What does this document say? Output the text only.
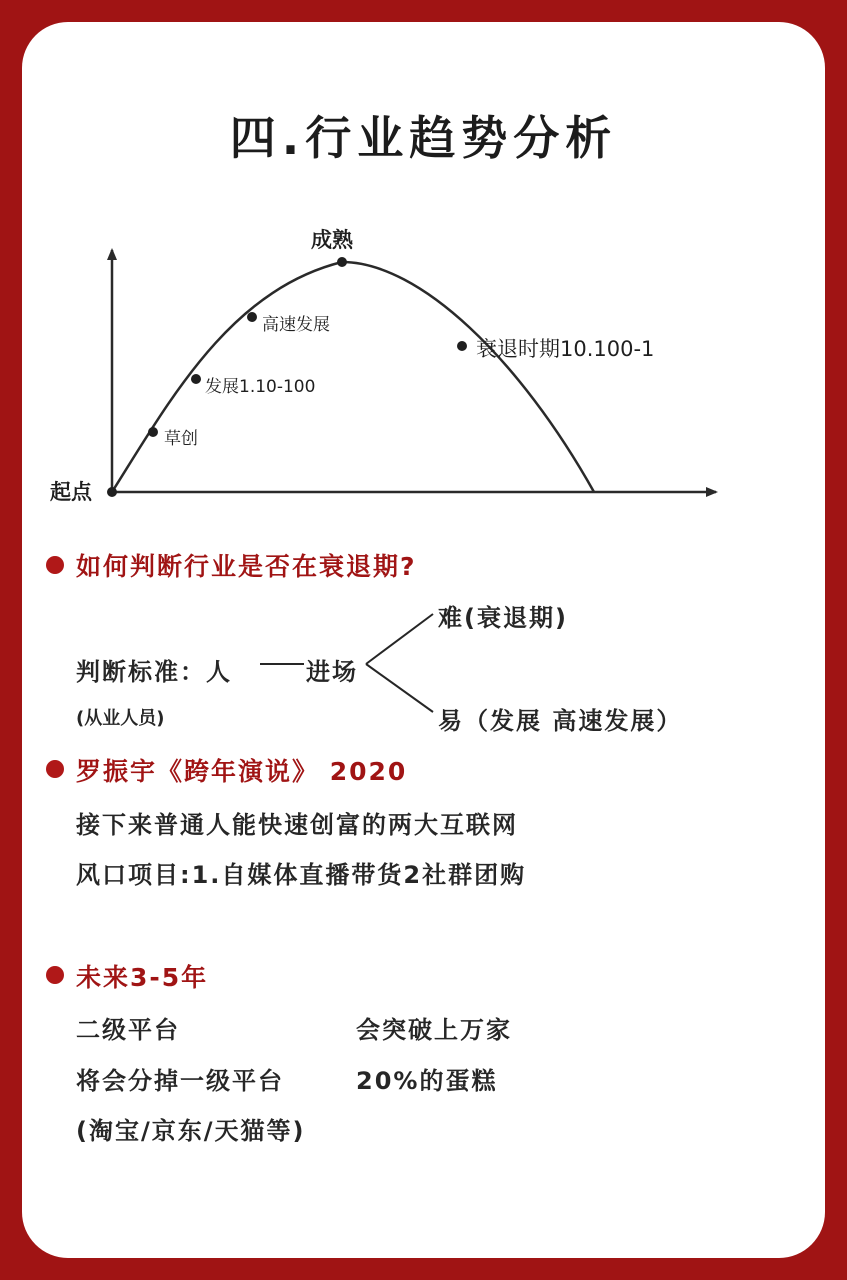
四.行业趋势分析
起点
草创
发展1.10-100
高速发展
成熟
衰退时期10.100-1
如何判断行业是否在衰退期?
判断标准：人	进场
(从业人员)
难(衰退期)
易（发展 高速发展）
罗振宇《跨年演说》 2020
接下来普通人能快速创富的两大互联网
风口项目:1.自媒体直播带货2社群团购
未来3-5年
二级平台	会突破上万家
将会分掉一级平台	20%的蛋糕
(淘宝/京东/天猫等)
